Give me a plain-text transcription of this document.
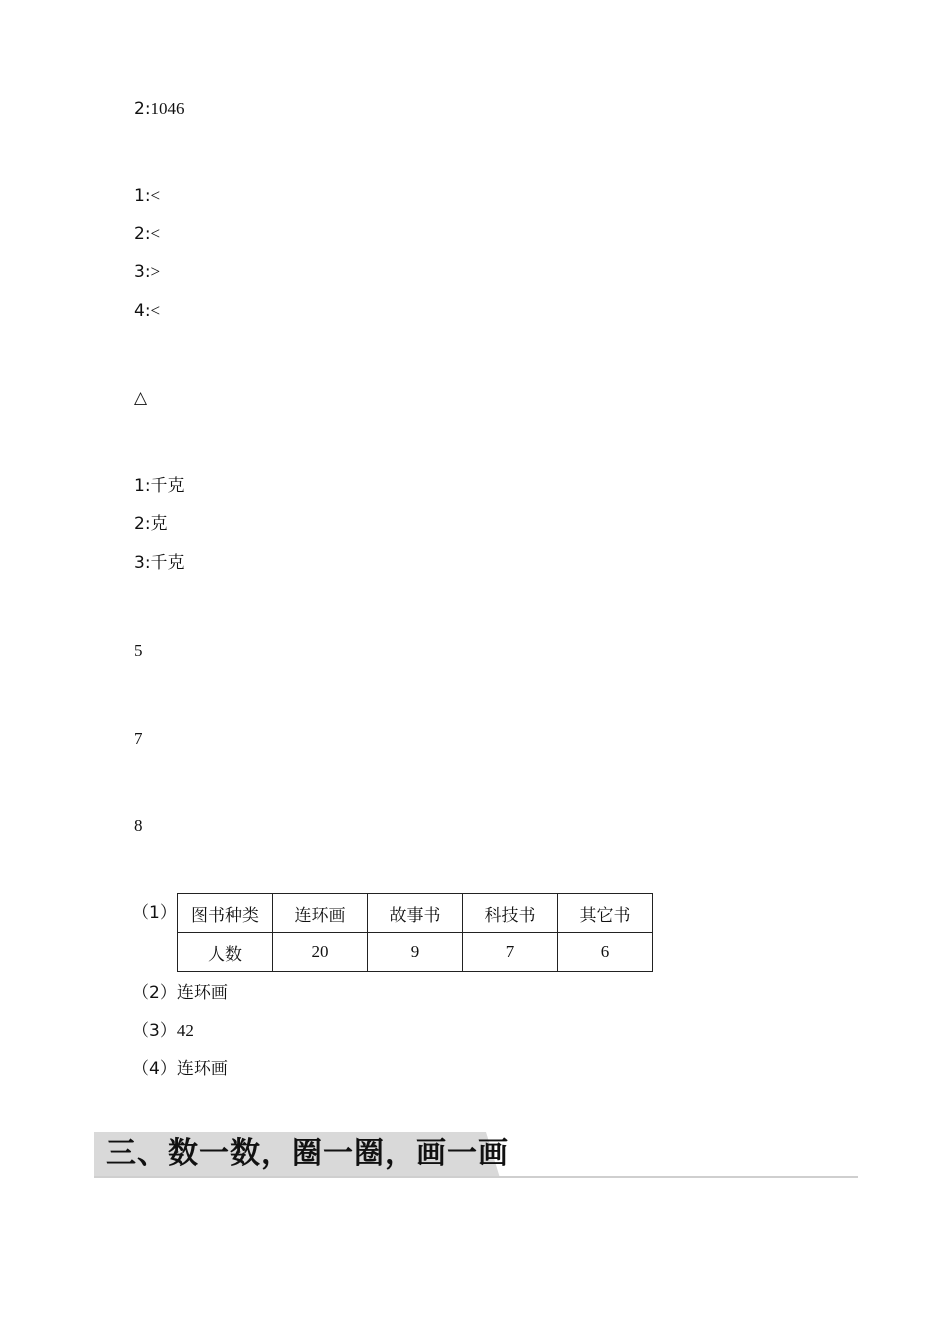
2:1046
1:<
2:<
3:>
4:<
△
1:千克
2:克
3:千克
5
7
8
（1） 图书种类	连环画	故事书	科技书	其它书
人数	20	9	7	6
（2）连环画
（3）42
（4）连环画
三、数一数，圈一圈，画一画
